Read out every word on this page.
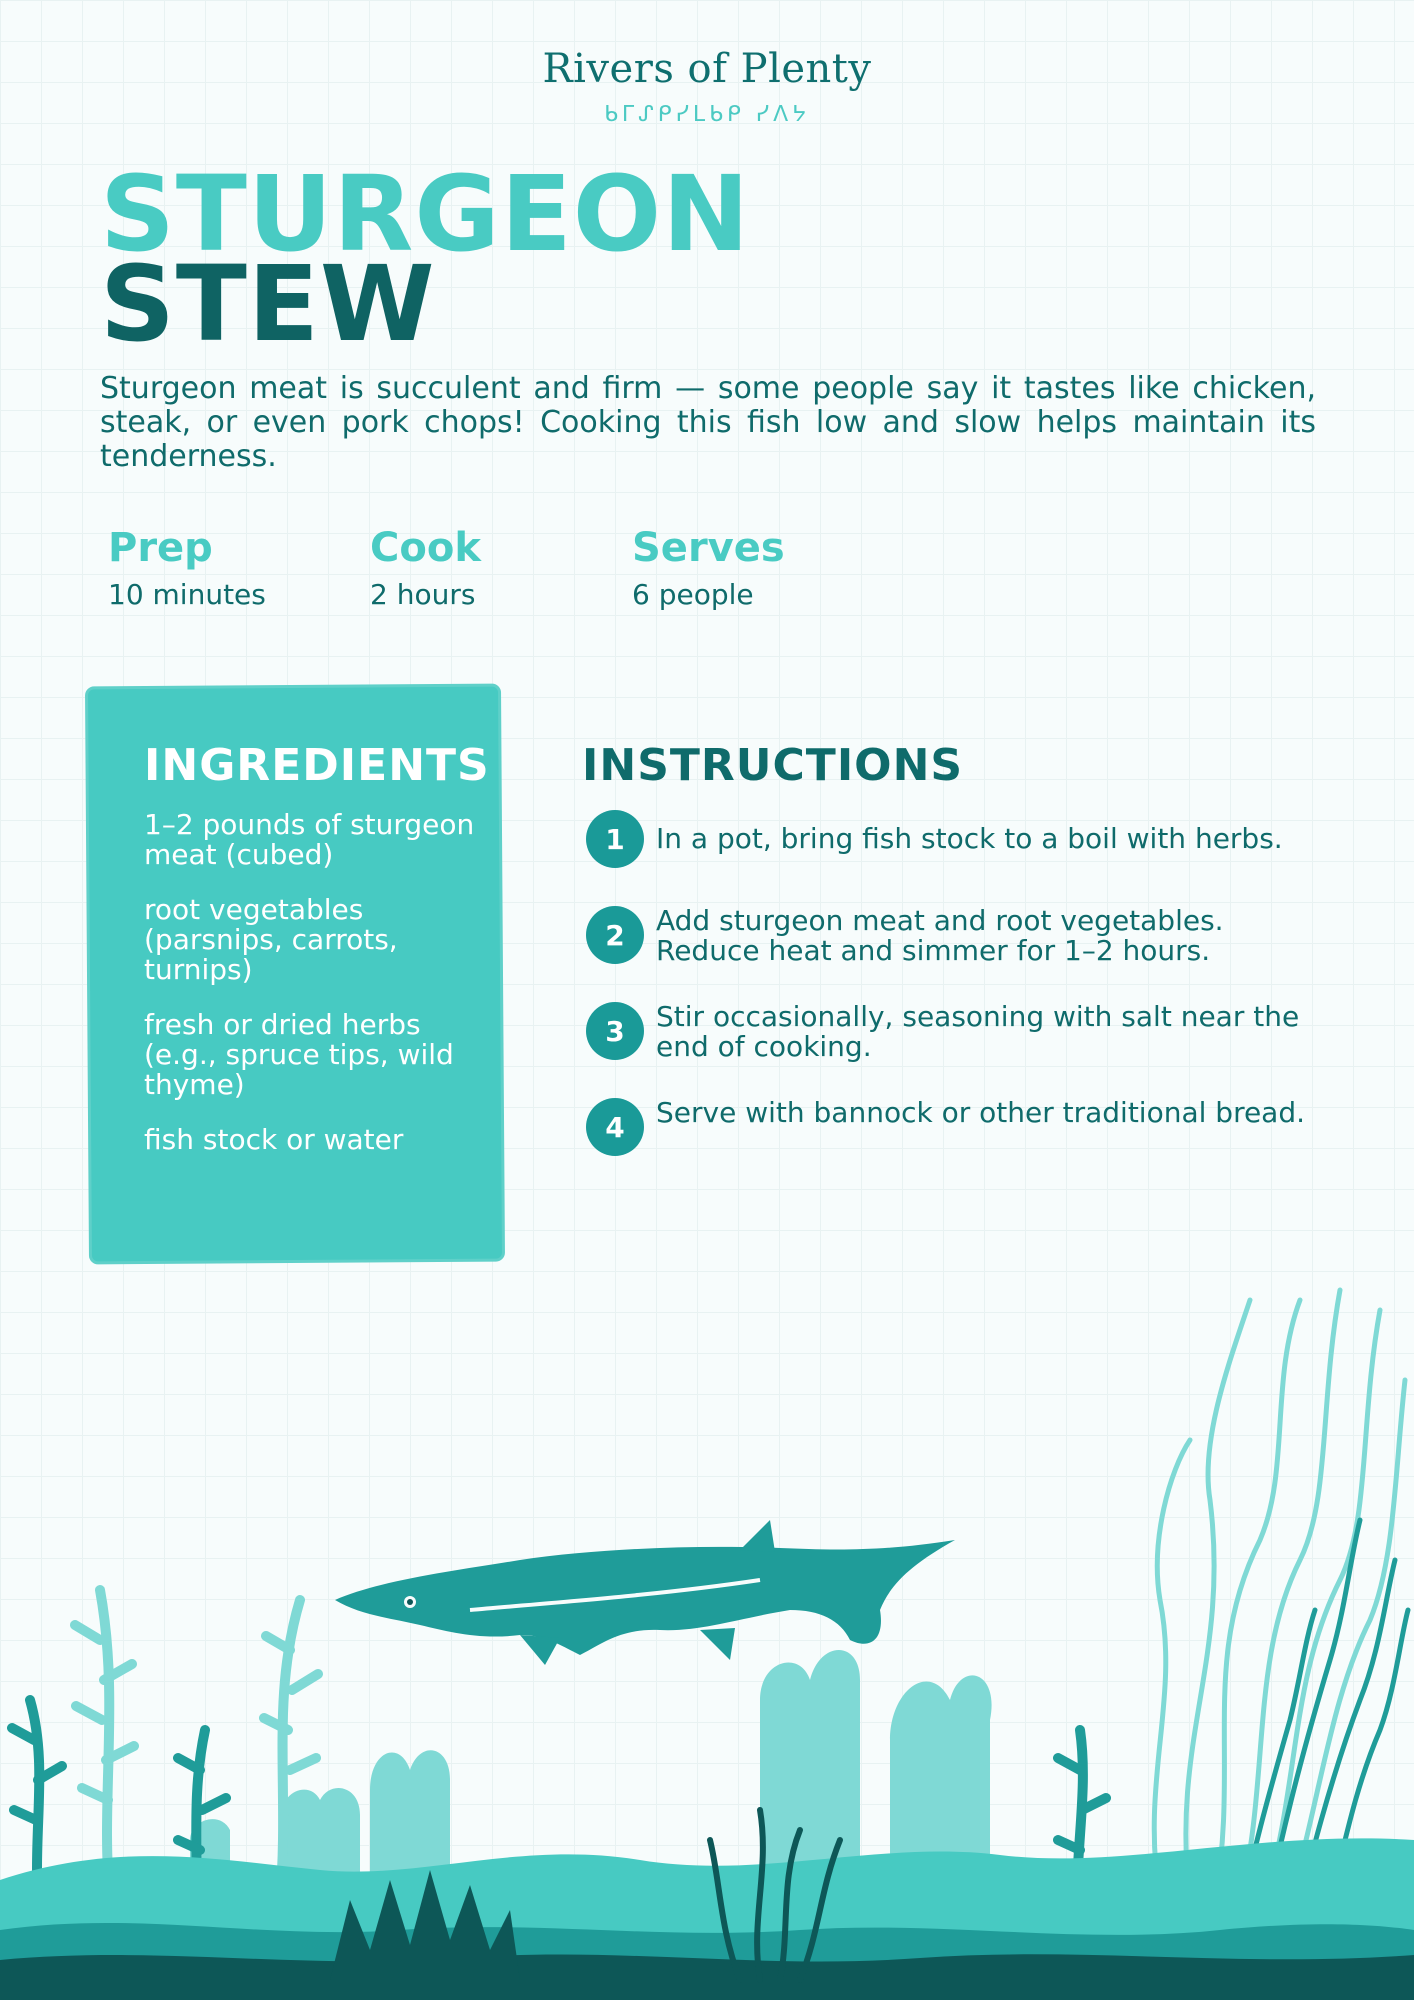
Rivers of Plenty
ᑲᒥᔑᑭᓯᒪᑲᑭ ᓯᐱᔭ
STURGEON
STEW

Sturgeon meat is succulent and firm — some people say it tastes like chicken, steak, or even pork chops! Cooking this fish low and slow helps maintain its tenderness.

Prep
10 minutes
Cook
2 hours
Serves
6 people
INGREDIENTS
1–2 pounds of sturgeon meat (cubed)
root vegetables (parsnips, carrots, turnips)
fresh or dried herbs (e.g., spruce tips, wild thyme)
fish stock or water
INSTRUCTIONS
1	In a pot, bring fish stock to a boil with herbs.
2	Add sturgeon meat and root vegetables. Reduce heat and simmer for 1–2 hours.
3	Stir occasionally, seasoning with salt near the end of cooking.
4	Serve with bannock or other traditional bread.
